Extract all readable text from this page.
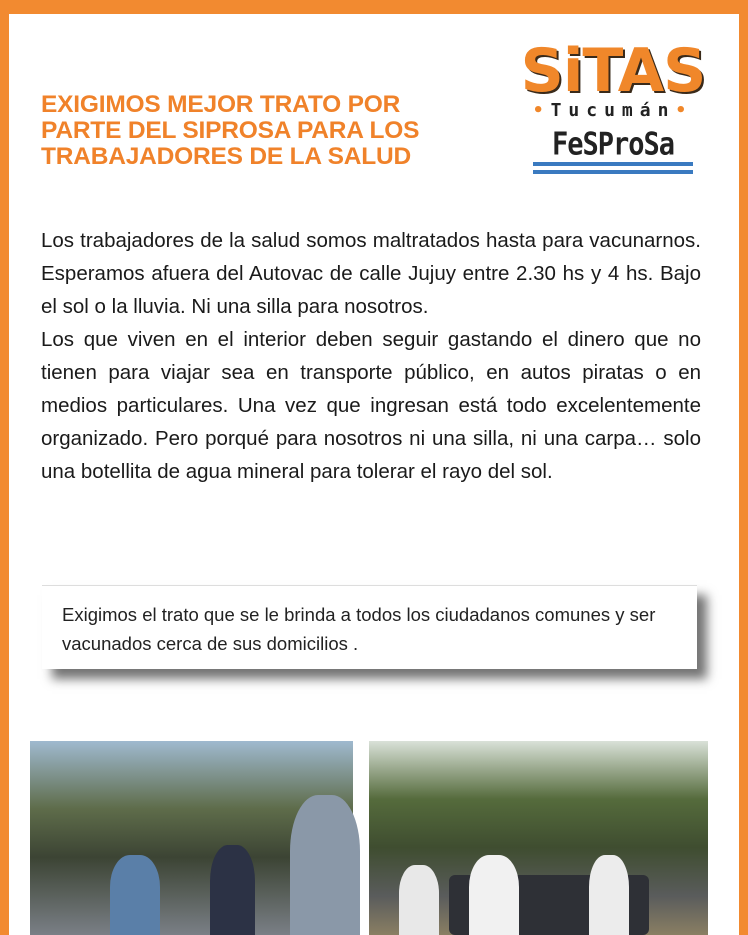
EXIGIMOS MEJOR TRATO POR
PARTE DEL SIPROSA PARA LOS
TRABAJADORES DE LA SALUD
SiTAS
•Tucumán•
FeSProSa

Los trabajadores de la salud somos maltratados hasta para vacunarnos. Esperamos afuera del Autovac de calle Jujuy entre 2.30 hs y 4 hs. Bajo el sol o la lluvia. Ni una silla para nosotros.

Los que viven en el interior deben seguir gastando el dinero que no tienen para viajar sea en transporte público, en autos piratas o en medios particulares. Una vez que ingresan está todo excelentemente organizado. Pero porqué para nosotros ni una silla, ni una carpa… solo una botellita de agua mineral para tolerar el rayo del sol.

Exigimos el trato que se le brinda a todos los ciudadanos comunes y ser vacunados cerca de sus domicilios .
